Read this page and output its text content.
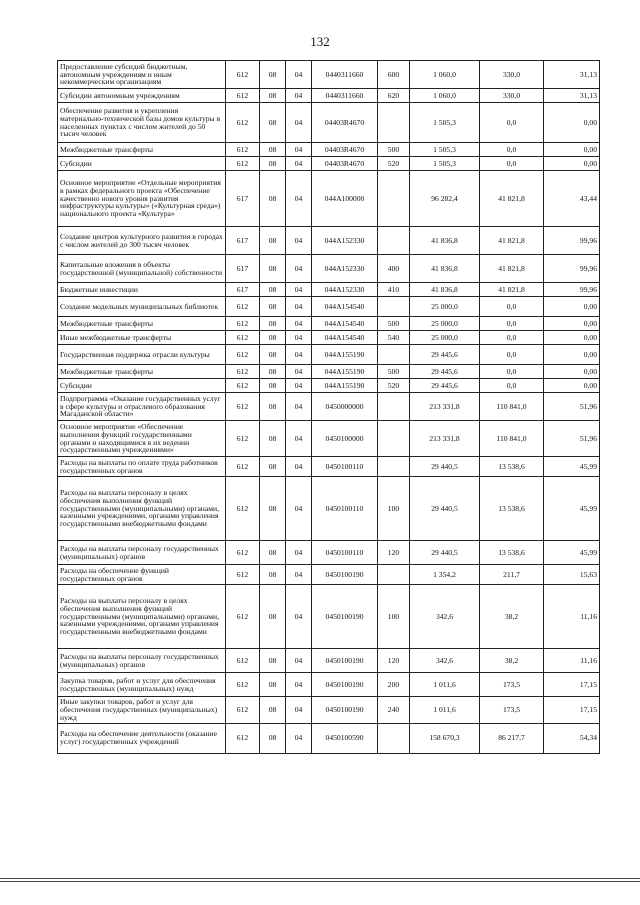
132
Предоставление субсидий бюджетным, автономным учреждениям и иным некоммерческим организациям	612	08	04	0440311660	600	1 060,0	330,0	31,13
Субсидии автономным учреждениям	612	08	04	0440311660	620	1 060,0	330,0	31,13
Обеспечение развития и укрепления материально-технической базы домов культуры в населенных пунктах с числом жителей до 50 тысяч человек	612	08	04	04403R4670		1 505,3	0,0	0,00
Межбюджетные трансферты	612	08	04	04403R4670	500	1 505,3	0,0	0,00
Субсидии	612	08	04	04403R4670	520	1 505,3	0,0	0,00
Основное мероприятие «Отдельные мероприятия в рамках федерального проекта «Обеспечение качественно нового уровня развития инфраструктуры культуры» («Культурная среда») национального проекта «Культура»	617	08	04	044A100000		96 282,4	41 821,8	43,44
Создание центров культурного развития в городах с числом жителей до 300 тысяч человек	617	08	04	044A152330		41 836,8	41 821,8	99,96
Капитальные вложения в объекты государственной (муниципальной) собственности	617	08	04	044A152330	400	41 836,8	41 821,8	99,96
Бюджетные инвестиции	617	08	04	044A152330	410	41 836,8	41 821,8	99,96
Создание модельных муниципальных библиотек	612	08	04	044A154540		25 000,0	0,0	0,00
Межбюджетные трансферты	612	08	04	044A154540	500	25 000,0	0,0	0,00
Иные межбюджетные трансферты	612	08	04	044A154540	540	25 000,0	0,0	0,00
Государственная поддержка отрасли культуры	612	08	04	044A155190		29 445,6	0,0	0,00
Межбюджетные трансферты	612	08	04	044A155190	500	29 445,6	0,0	0,00
Субсидии	612	08	04	044A155190	520	29 445,6	0,0	0,00
Подпрограмма «Оказание государственных услуг в сфере культуры и отраслевого образования Магаданской области»	612	08	04	0450000000		213 331,8	110 841,0	51,96
Основное мероприятие «Обеспечение выполнения функций государственными органами и находящимися в их ведении государственными учреждениями»	612	08	04	0450100000		213 331,8	110 841,0	51,96
Расходы на выплаты по оплате труда работников государственных органов	612	08	04	0450100110		29 440,5	13 538,6	45,99
Расходы на выплаты персоналу в целях обеспечения выполнения функций государственными (муниципальными) органами, казенными учреждениями, органами управления государственными внебюджетными фондами	612	08	04	0450100110	100	29 440,5	13 538,6	45,99
Расходы на выплаты персоналу государственных (муниципальных) органов	612	08	04	0450100110	120	29 440,5	13 538,6	45,99
Расходы на обеспечение функций государственных органов	612	08	04	0450100190		1 354,2	211,7	15,63
Расходы на выплаты персоналу в целях обеспечения выполнения функций государственными (муниципальными) органами, казенными учреждениями, органами управления государственными внебюджетными фондами	612	08	04	0450100190	100	342,6	38,2	11,16
Расходы на выплаты персоналу государственных (муниципальных) органов	612	08	04	0450100190	120	342,6	38,2	11,16
Закупка товаров, работ и услуг для обеспечения государственных (муниципальных) нужд	612	08	04	0450100190	200	1 011,6	173,5	17,15
Иные закупки товаров, работ и услуг для обеспечения государственных (муниципальных) нужд	612	08	04	0450100190	240	1 011,6	173,5	17,15
Расходы на обеспечение деятельности (оказание услуг) государственных учреждений	612	08	04	0450100590		158 670,3	86 217,7	54,34
